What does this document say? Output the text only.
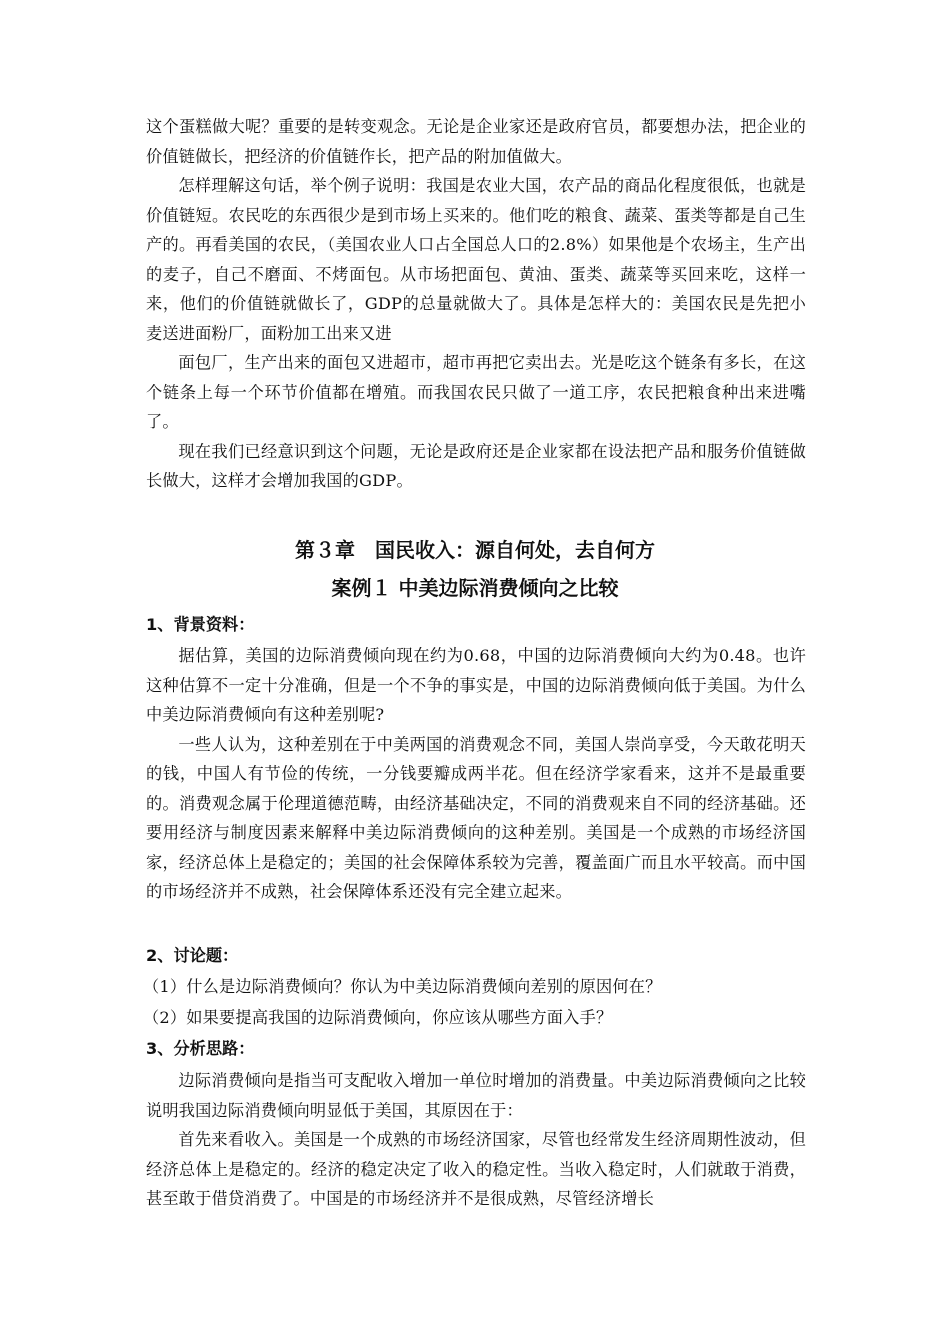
这个蛋糕做大呢？重要的是转变观念。无论是企业家还是政府官员，都要想办法，把企业的价值链做长，把经济的价值链作长，把产品的附加值做大。

怎样理解这句话，举个例子说明：我国是农业大国，农产品的商品化程度很低，也就是价值链短。农民吃的东西很少是到市场上买来的。他们吃的粮食、蔬菜、蛋类等都是自己生产的。再看美国的农民，（美国农业人口占全国总人口的2.8%）如果他是个农场主，生产出的麦子，自己不磨面、不烤面包。从市场把面包、黄油、蛋类、蔬菜等买回来吃，这样一来，他们的价值链就做长了，GDP的总量就做大了。具体是怎样大的：美国农民是先把小麦送进面粉厂，面粉加工出来又进

面包厂，生产出来的面包又进超市，超市再把它卖出去。光是吃这个链条有多长，在这个链条上每一个环节价值都在增殖。而我国农民只做了一道工序，农民把粮食种出来进嘴了。

现在我们已经意识到这个问题，无论是政府还是企业家都在设法把产品和服务价值链做长做大，这样才会增加我国的GDP。

第３章　国民收入：源自何处，去自何方
案例１ 中美边际消费倾向之比较
1、背景资料：

据估算，美国的边际消费倾向现在约为0.68，中国的边际消费倾向大约为0.48。也许这种估算不一定十分准确，但是一个不争的事实是，中国的边际消费倾向低于美国。为什么中美边际消费倾向有这种差别呢?

一些人认为，这种差别在于中美两国的消费观念不同，美国人崇尚享受，今天敢花明天的钱，中国人有节俭的传统，一分钱要瓣成两半花。但在经济学家看来，这并不是最重要的。消费观念属于伦理道德范畴，由经济基础决定，不同的消费观来自不同的经济基础。还要用经济与制度因素来解释中美边际消费倾向的这种差别。美国是一个成熟的市场经济国家，经济总体上是稳定的；美国的社会保障体系较为完善，覆盖面广而且水平较高。而中国的市场经济并不成熟，社会保障体系还没有完全建立起来。

2、讨论题：

（1）什么是边际消费倾向？你认为中美边际消费倾向差别的原因何在？

（2）如果要提高我国的边际消费倾向，你应该从哪些方面入手？

3、分析思路：

边际消费倾向是指当可支配收入增加一单位时增加的消费量。中美边际消费倾向之比较说明我国边际消费倾向明显低于美国，其原因在于：

首先来看收入。美国是一个成熟的市场经济国家，尽管也经常发生经济周期性波动，但经济总体上是稳定的。经济的稳定决定了收入的稳定性。当收入稳定时，人们就敢于消费，甚至敢于借贷消费了。中国是的市场经济并不是很成熟，尽管经济增长
